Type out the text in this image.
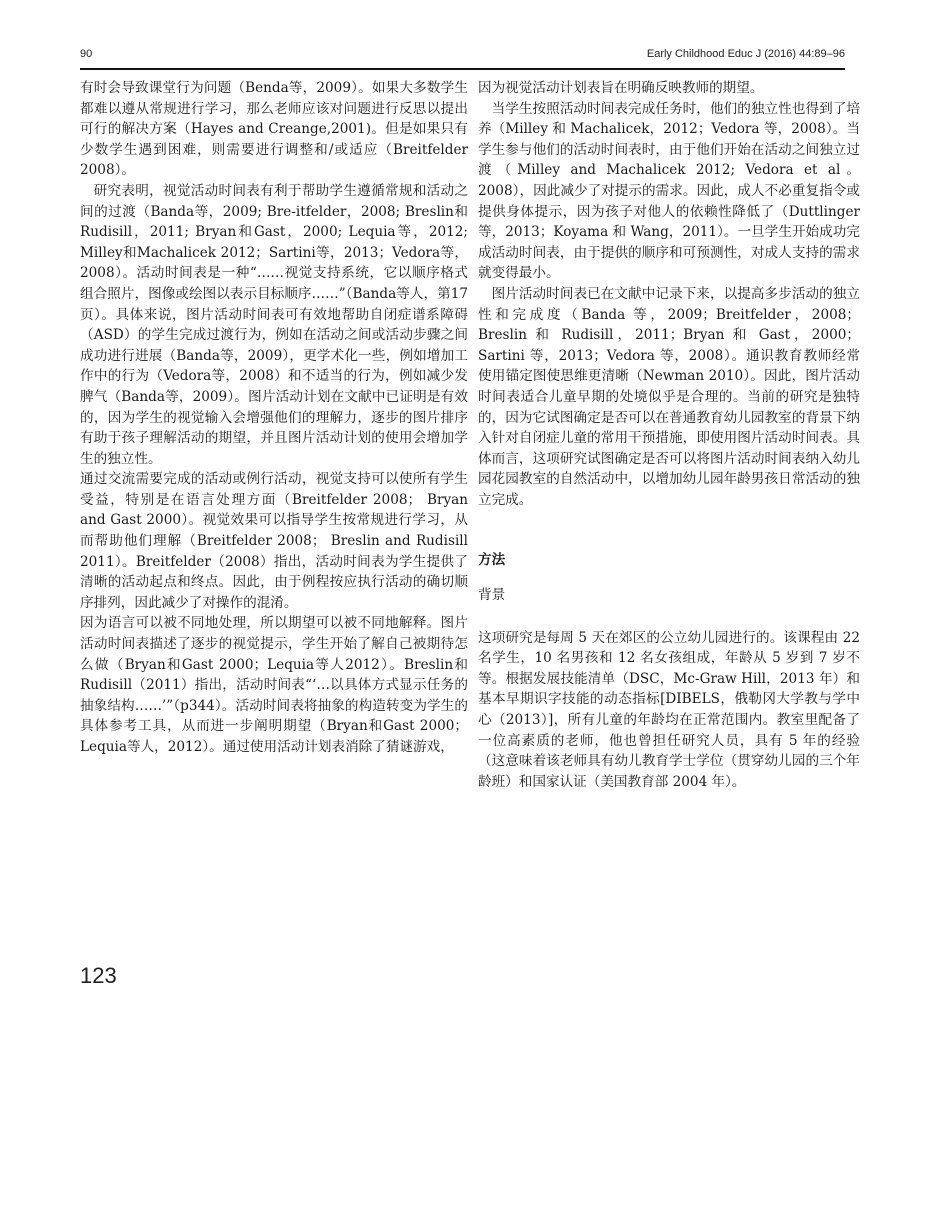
90	Early Childhood Educ J (2016) 44:89–96

有时会导致课堂行为问题（Benda等，2009）。如果大多数学生都难以遵从常规进行学习，那么老师应该对问题进行反思以提出可行的解决方案（Hayes and Creange,2001)。但是如果只有少数学生遇到困难，则需要进行调整和/或适应（Breitfelder 2008）。

研究表明，视觉活动时间表有利于帮助学生遵循常规和活动之间的过渡（Banda等，2009; Bre-itfelder，2008; Breslin和Rudisill，2011; Bryan和Gast，2000; Lequia等，2012; Milley和Machalicek 2012；Sartini等，2013；Vedora等，2008）。活动时间表是一种“……视觉支持系统，它以顺序格式组合照片，图像或绘图以表示目标顺序……”（Banda等人，第17页）。具体来说，图片活动时间表可有效地帮助自闭症谱系障碍（ASD）的学生完成过渡行为，例如在活动之间或活动步骤之间成功进行进展（Banda等，2009），更学术化一些，例如增加工作中的行为（Vedora等，2008）和不适当的行为，例如减少发脾气（Banda等，2009）。图片活动计划在文献中已证明是有效的，因为学生的视觉输入会增强他们的理解力，逐步的图片排序有助于孩子理解活动的期望，并且图片活动计划的使用会增加学生的独立性。

通过交流需要完成的活动或例行活动，视觉支持可以使所有学生受益，特别是在语言处理方面（Breitfelder 2008； Bryan and Gast 2000）。视觉效果可以指导学生按常规进行学习，从而帮助他们理解（Breitfelder 2008； Breslin and Rudisill 2011）。Breitfelder（2008）指出，活动时间表为学生提供了清晰的活动起点和终点。因此，由于例程按应执行活动的确切顺序排列，因此减少了对操作的混淆。

因为语言可以被不同地处理，所以期望可以被不同地解释。图片活动时间表描述了逐步的视觉提示，学生开始了解自己被期待怎么做（Bryan和Gast 2000；Lequia等人2012）。Breslin和Rudisill（2011）指出，活动时间表“‘…以具体方式显示任务的抽象结构……’”（p344）。活动时间表将抽象的构造转变为学生的具体参考工具，从而进一步阐明期望（Bryan和Gast 2000；Lequia等人，2012）。通过使用活动计划表消除了猜谜游戏，

因为视觉活动计划表旨在明确反映教师的期望。

当学生按照活动时间表完成任务时，他们的独立性也得到了培养（Milley 和 Machalicek，2012；Vedora 等，2008）。当学生参与他们的活动时间表时，由于他们开始在活动之间独立过渡（Milley and Machalicek 2012; Vedora et al。2008），因此减少了对提示的需求。因此，成人不必重复指令或提供身体提示，因为孩子对他人的依赖性降低了（Duttlinger 等，2013；Koyama 和 Wang，2011）。一旦学生开始成功完成活动时间表，由于提供的顺序和可预测性，对成人支持的需求就变得最小。

图片活动时间表已在文献中记录下来，以提高多步活动的独立性和完成度（Banda 等，2009；Breitfelder，2008；Breslin 和 Rudisill，2011；Bryan 和 Gast，2000；Sartini 等，2013；Vedora 等，2008）。通识教育教师经常使用锚定图使思维更清晰（Newman 2010）。因此，图片活动时间表适合儿童早期的处境似乎是合理的。当前的研究是独特的，因为它试图确定是否可以在普通教育幼儿园教室的背景下纳入针对自闭症儿童的常用干预措施，即使用图片活动时间表。具体而言，这项研究试图确定是否可以将图片活动时间表纳入幼儿园花园教室的自然活动中，以增加幼儿园年龄男孩日常活动的独立完成。

方法

背景

这项研究是每周 5 天在郊区的公立幼儿园进行的。该课程由 22 名学生，10 名男孩和 12 名女孩组成，年龄从 5 岁到 7 岁不等。根据发展技能清单（DSC，Mc-Graw Hill，2013 年）和基本早期识字技能的动态指标[DIBELS，俄勒冈大学教与学中心（2013）]，所有儿童的年龄均在正常范围内。教室里配备了一位高素质的老师，他也曾担任研究人员，具有 5 年的经验（这意味着该老师具有幼儿教育学士学位（贯穿幼儿园的三个年龄班）和国家认证（美国教育部 2004 年）。

123
